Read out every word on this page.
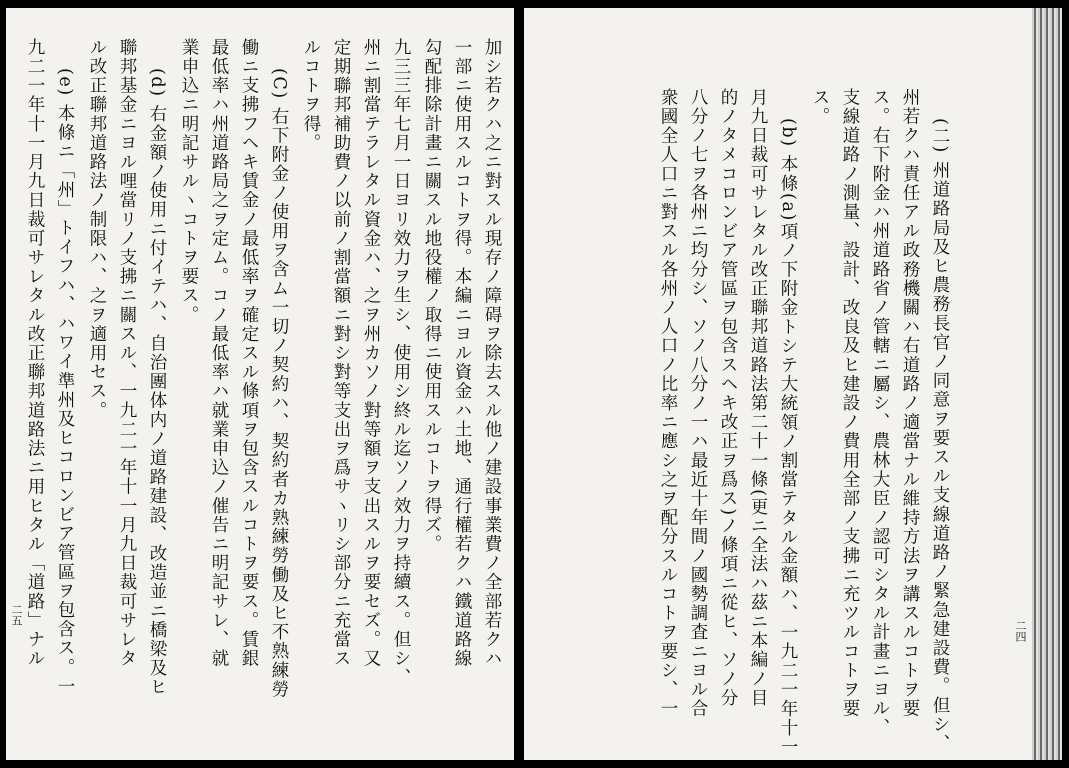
加シ若クハ之ニ對スル現存ノ障碍ヲ除去スル他ノ建設事業費ノ全部若クハ
一部ニ使用スルコトヲ得。本編ニヨル資金ハ土地、通行權若クハ鐵道路線
勾配排除計畫ニ關スル地役權ノ取得ニ使用スルコトヲ得ズ。
九三三年七月一日ヨリ效力ヲ生シ、使用シ終ル迄ソノ效力ヲ持續ス。但シ、
州ニ割當テラレタル資金ハ、之ヲ州カソノ對等額ヲ支出スルヲ要セズ。又
定期聯邦補助費ノ以前ノ割當額ニ對シ對等支出ヲ爲サヽリシ部分ニ充當ス
ルコトヲ得。
(C) 右下附金ノ使用ヲ含ム一切ノ契約ハ、契約者カ熟練勞働及ヒ不熟練勞
働ニ支拂フヘキ賃金ノ最低率ヲ確定スル條項ヲ包含スルコトヲ要ス。賃銀
最低率ハ州道路局之ヲ定ム。コノ最低率ハ就業申込ノ催告ニ明記サレ、就
業申込ニ明記サルヽコトヲ要ス。
(d) 右金額ノ使用ニ付イテハ、自治團体内ノ道路建設、改造並ニ橋梁及ヒ
聯邦基金ニヨル哩當リノ支拂ニ關スル、一九二一年十一月九日裁可サレタ
ル改正聯邦道路法ノ制限ハ、之ヲ適用セス。
(e) 本條ニ「州」トイフハ、ハワイ準州及ヒコロンビア管區ヲ包含ス。一
九二一年十一月九日裁可サレタル改正聯邦道路法ニ用ヒタル「道路」ナル
二五
二四
(二) 州道路局及ヒ農務長官ノ同意ヲ要スル支線道路ノ緊急建設費。但シ、
州若クハ責任アル政務機關ハ右道路ノ適當ナル維持方法ヲ講スルコトヲ要
ス。右下附金ハ州道路省ノ管轄ニ屬シ、農林大臣ノ認可シタル計畫ニヨル、
支線道路ノ測量、設計、改良及ヒ建設ノ費用全部ノ支拂ニ充ツルコトヲ要
ス。
(b) 本條(a)項ノ下附金トシテ大統領ノ割當テタル金額ハ、一九二一年十一
月九日裁可サレタル改正聯邦道路法第二十一條(更ニ全法ハ茲ニ本編ノ目
的ノタメコロンビア管區ヲ包含スヘキ改正ヲ爲ス)ノ條項ニ從ヒ、ソノ分
八分ノ七ヲ各州ニ均分シ、ソノ八分ノ一ハ最近十年間ノ國勢調査ニヨル合
衆國全人口ニ對スル各州ノ人口ノ比率ニ應シ之ヲ配分スルコトヲ要シ、一
